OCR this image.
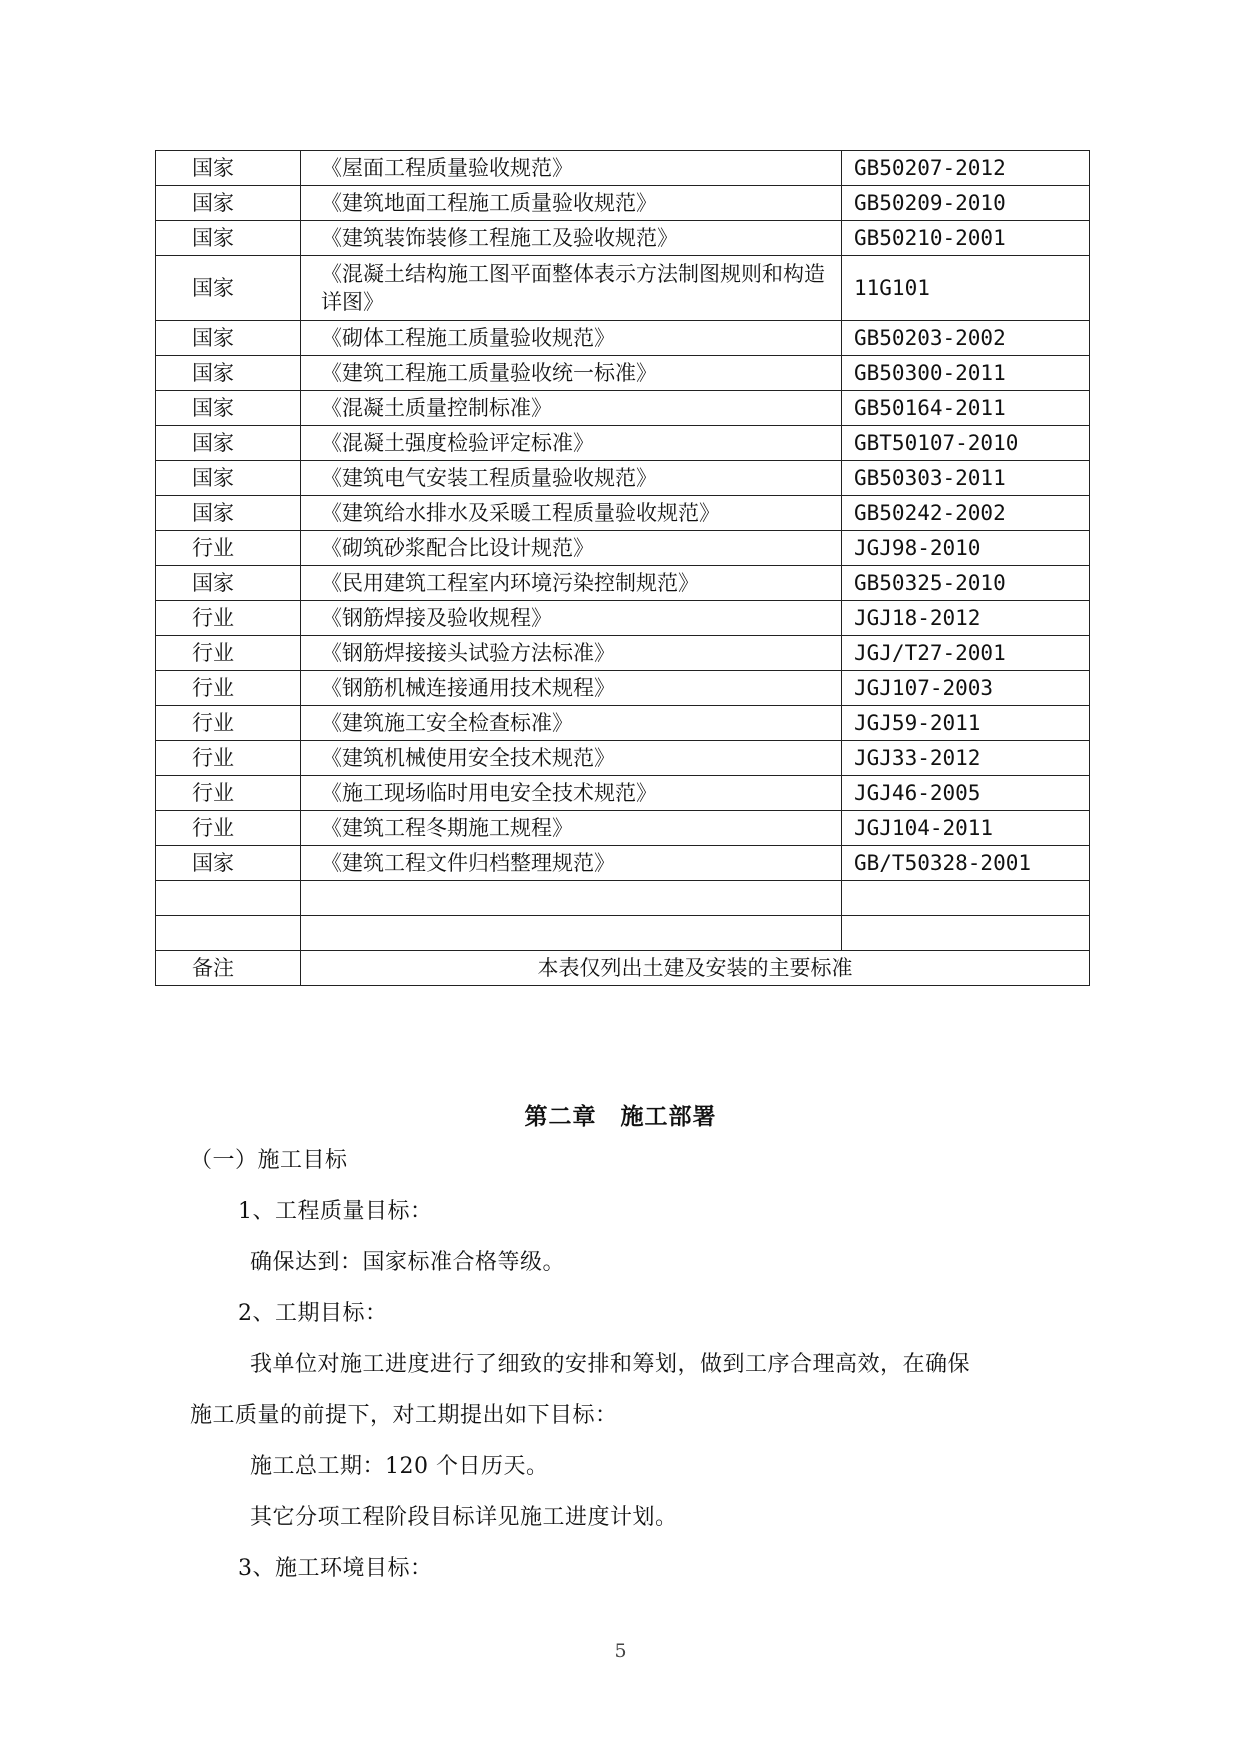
国家	《屋面工程质量验收规范》	GB50207-2012
国家	《建筑地面工程施工质量验收规范》	GB50209-2010
国家	《建筑装饰装修工程施工及验收规范》	GB50210-2001
国家	《混凝土结构施工图平面整体表示方法制图规则和构造详图》	11G101
国家	《砌体工程施工质量验收规范》	GB50203-2002
国家	《建筑工程施工质量验收统一标准》	GB50300-2011
国家	《混凝土质量控制标准》	GB50164-2011
国家	《混凝土强度检验评定标准》	GBT50107-2010
国家	《建筑电气安装工程质量验收规范》	GB50303-2011
国家	《建筑给水排水及采暖工程质量验收规范》	GB50242-2002
行业	《砌筑砂浆配合比设计规范》	JGJ98-2010
国家	《民用建筑工程室内环境污染控制规范》	GB50325-2010
行业	《钢筋焊接及验收规程》	JGJ18-2012
行业	《钢筋焊接接头试验方法标准》	JGJ/T27-2001
行业	《钢筋机械连接通用技术规程》	JGJ107-2003
行业	《建筑施工安全检查标准》	JGJ59-2011
行业	《建筑机械使用安全技术规范》	JGJ33-2012
行业	《施工现场临时用电安全技术规范》	JGJ46-2005
行业	《建筑工程冬期施工规程》	JGJ104-2011
国家	《建筑工程文件归档整理规范》	GB/T50328-2001

备注	本表仅列出土建及安装的主要标准	
第二章　施工部署
（一）施工目标
1、工程质量目标：
确保达到：国家标准合格等级。
2、工期目标：
我单位对施工进度进行了细致的安排和筹划，做到工序合理高效，在确保
施工质量的前提下，对工期提出如下目标：
施工总工期：120 个日历天。
其它分项工程阶段目标详见施工进度计划。
3、施工环境目标：
5
